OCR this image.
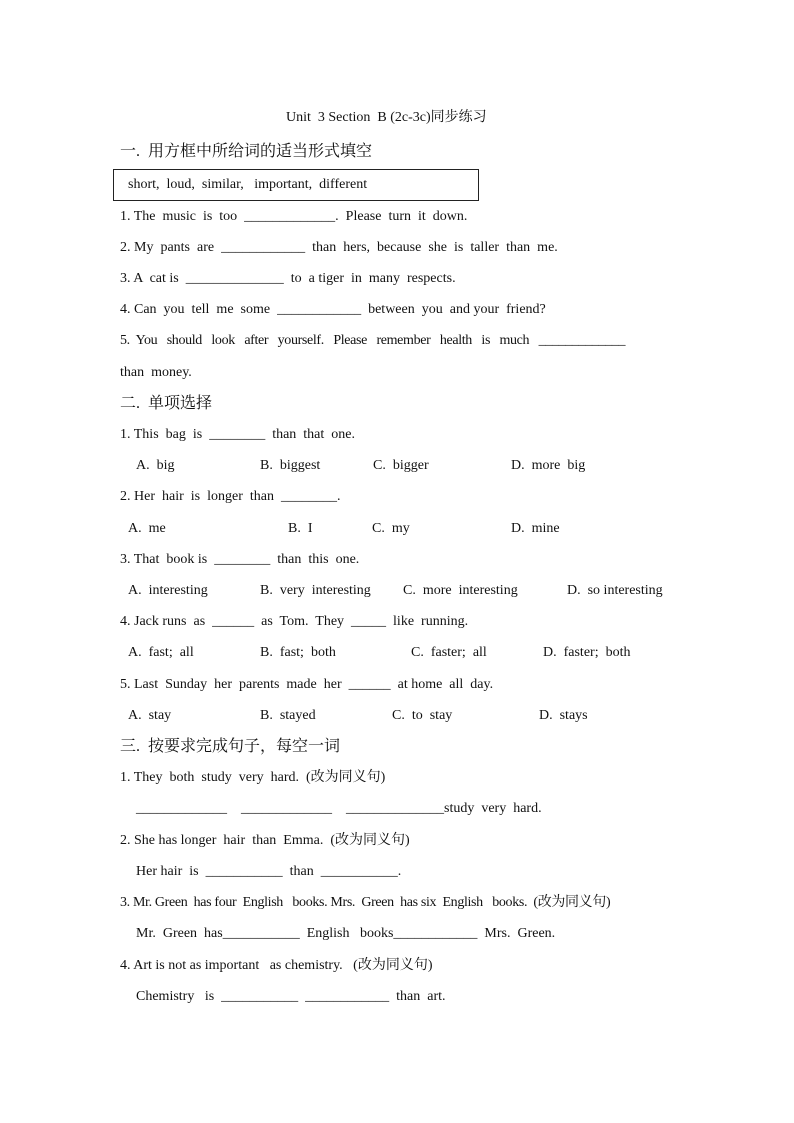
Unit  3 Section  B (2c-3c)同步练习
一.  用方框中所给词的适当形式填空
short,  loud,  similar,   important,  different
1. The  music  is  too  _____________.  Please  turn  it  down.
2. My  pants  are  ____________  than  hers,  because  she  is  taller  than  me.
3. A  cat is  ______________  to  a tiger  in  many  respects.
4. Can  you  tell  me  some  ____________  between  you  and your  friend?
5.  You   should   look   after   yourself.   Please   remember   health   is   much   _____________
than  money.
二.  单项选择
1. This  bag  is  ________  than  that  one.
A.  big	B.  biggest	C.  bigger	D.  more  big
2. Her  hair  is  longer  than  ________.
A.  me	B.  I	C.  my	D.  mine
3. That  book is  ________  than  this  one.
A.  interesting	B.  very  interesting C.  more  interesting	D.  so interesting
4. Jack runs  as  ______  as  Tom.  They  _____  like  running.
A.  fast;  all	B.  fast;  both	C.  faster;  all	D.  faster;  both
5. Last  Sunday  her  parents  made  her  ______  at home  all  day.
A.  stay	B.  stayed	C.  to  stay	D.  stays
三.  按要求完成句子，每空一词
1. They  both  study  very  hard.  (改为同义句)
_____________    _____________    ______________study  very  hard.
2. She has longer  hair  than  Emma.  (改为同义句)
Her hair  is  ___________  than  ___________.
3. Mr. Green  has four  English   books. Mrs.  Green  has six  English   books.  (改为同义句)
Mr.  Green  has___________  English   books____________  Mrs.  Green.
4. Art is not as important   as chemistry.   (改为同义句)
Chemistry   is  ___________  ____________  than  art.
